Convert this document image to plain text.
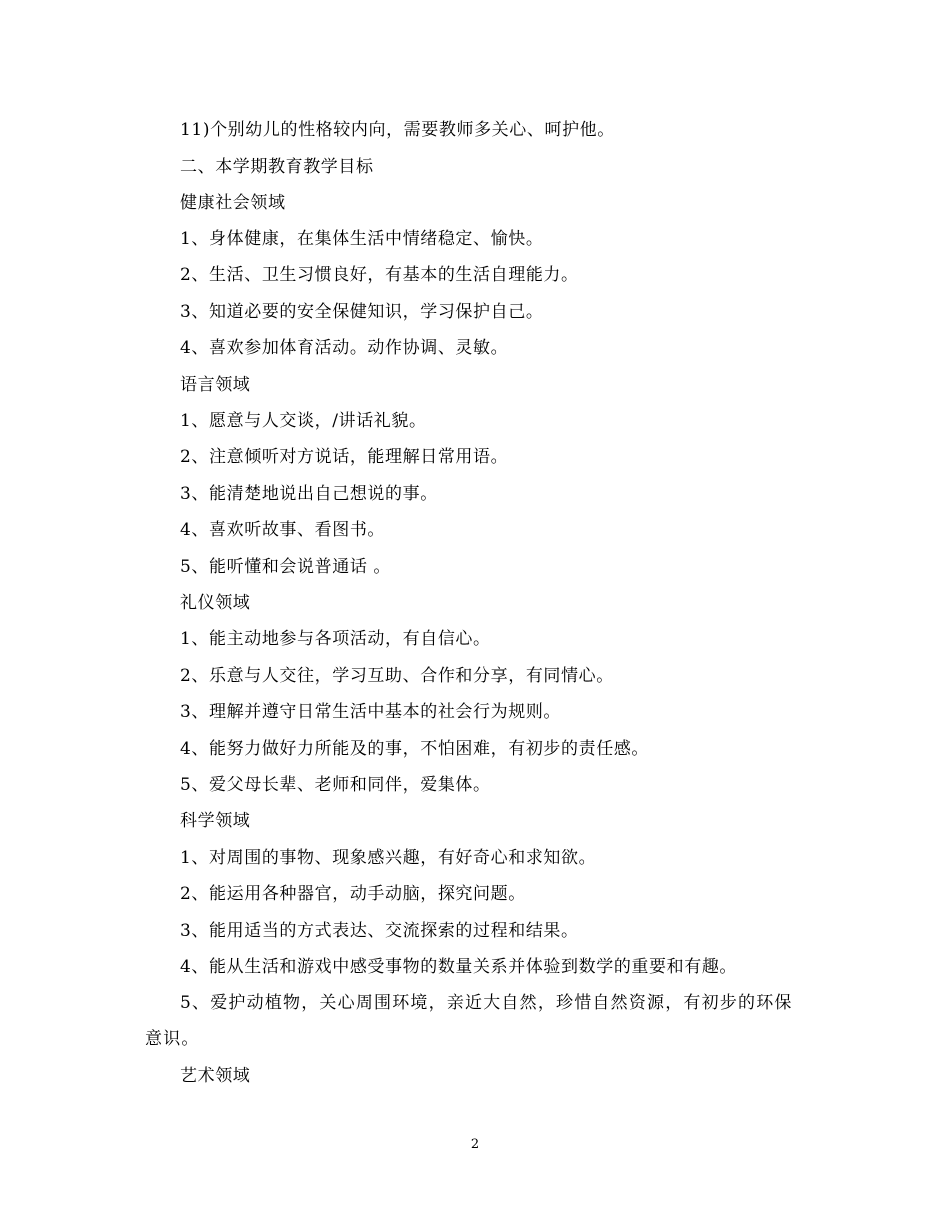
11)个别幼儿的性格较内向，需要教师多关心、呵护他。
二、本学期教育教学目标
健康社会领域
1、身体健康，在集体生活中情绪稳定、愉快。
2、生活、卫生习惯良好，有基本的生活自理能力。
3、知道必要的安全保健知识，学习保护自己。
4、喜欢参加体育活动。动作协调、灵敏。
语言领域
1、愿意与人交谈，/讲话礼貌。
2、注意倾听对方说话，能理解日常用语。
3、能清楚地说出自己想说的事。
4、喜欢听故事、看图书。
5、能听懂和会说普通话 。
礼仪领域
1、能主动地参与各项活动，有自信心。
2、乐意与人交往，学习互助、合作和分享，有同情心。
3、理解并遵守日常生活中基本的社会行为规则。
4、能努力做好力所能及的事，不怕困难，有初步的责任感。
5、爱父母长辈、老师和同伴，爱集体。
科学领域
1、对周围的事物、现象感兴趣，有好奇心和求知欲。
2、能运用各种器官，动手动脑，探究问题。
3、能用适当的方式表达、交流探索的过程和结果。
4、能从生活和游戏中感受事物的数量关系并体验到数学的重要和有趣。
5、爱护动植物，关心周围环境，亲近大自然，珍惜自然资源，有初步的环保意识。
艺术领域
2
